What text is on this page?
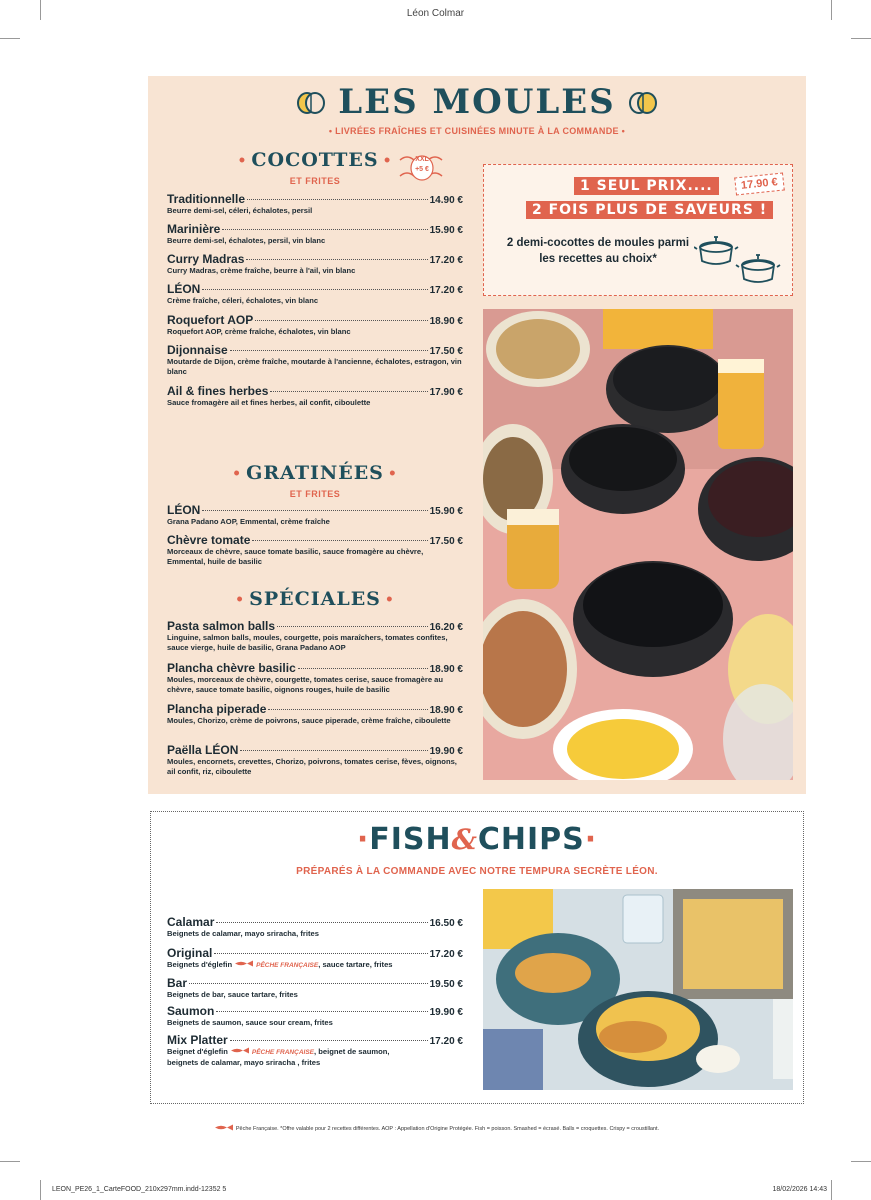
Léon Colmar
LES MOULES
• LIVRÉES FRAÎCHES ET CUISINÉES MINUTE À LA COMMANDE •
• COCOTTES •
ET FRITES
XXL
+5 €
Traditionnelle	14.90 €
Beurre demi-sel, céleri, échalotes, persil
Marinière	15.90 €
Beurre demi-sel, échalotes, persil, vin blanc
Curry Madras	17.20 €
Curry Madras, crème fraîche, beurre à l'ail, vin blanc
LÉON	17.20 €
Crème fraîche, céleri, échalotes, vin blanc
Roquefort AOP	18.90 €
Roquefort AOP, crème fraîche, échalotes, vin blanc
Dijonnaise	17.50 €
Moutarde de Dijon, crème fraîche, moutarde à l'ancienne, échalotes, estragon, vin blanc
Ail & fines herbes	17.90 €
Sauce fromagère ail et fines herbes, ail confit, ciboulette
• GRATINÉES •
ET FRITES
LÉON	15.90 €
Grana Padano AOP, Emmental, crème fraîche
Chèvre tomate	17.50 €
Morceaux de chèvre, sauce tomate basilic, sauce fromagère au chèvre, Emmental, huile de basilic
• SPÉCIALES •
Pasta salmon balls	16.20 €
Linguine, salmon balls, moules, courgette, pois maraîchers, tomates confites, sauce vierge, huile de basilic, Grana Padano AOP
Plancha chèvre basilic	18.90 €
Moules, morceaux de chèvre, courgette, tomates cerise, sauce fromagère au chèvre, sauce tomate basilic, oignons rouges, huile de basilic
Plancha piperade	18.90 €
Moules, Chorizo, crème de poivrons, sauce piperade, crème fraîche, ciboulette
Paëlla LÉON	19.90 €
Moules, encornets, crevettes, Chorizo, poivrons, tomates cerise, fèves, oignons, ail confit, riz, ciboulette
1 SEUL PRIX....
2 FOIS PLUS DE SAVEURS !
17.90 €
2 demi-cocottes de moules parmi les recettes au choix*
·FISH&CHIPS·
PRÉPARÉS À LA COMMANDE AVEC NOTRE TEMPURA SECRÈTE LÉON.
Calamar	16.50 €
Beignets de calamar, mayo sriracha, frites
Original	17.20 €
Beignets d'églefin	PÊCHE FRANÇAISE, sauce tartare, frites
Bar	19.50 €
Beignets de bar, sauce tartare, frites
Saumon	19.90 €
Beignets de saumon, sauce sour cream, frites
Mix Platter	17.20 €
Beignet d'églefin	PÊCHE FRANÇAISE, beignet de saumon,
beignets de calamar, mayo sriracha , frites
Pêche Française. *Offre valable pour 2 recettes différentes. AOP : Appellation d'Origine Protégée. Fish = poisson. Smashed = écrasé. Balls = croquettes. Crispy = croustillant.
LEON_PE26_1_CarteFOOD_210x297mm.indd-12352 5	18/02/2026 14:43
